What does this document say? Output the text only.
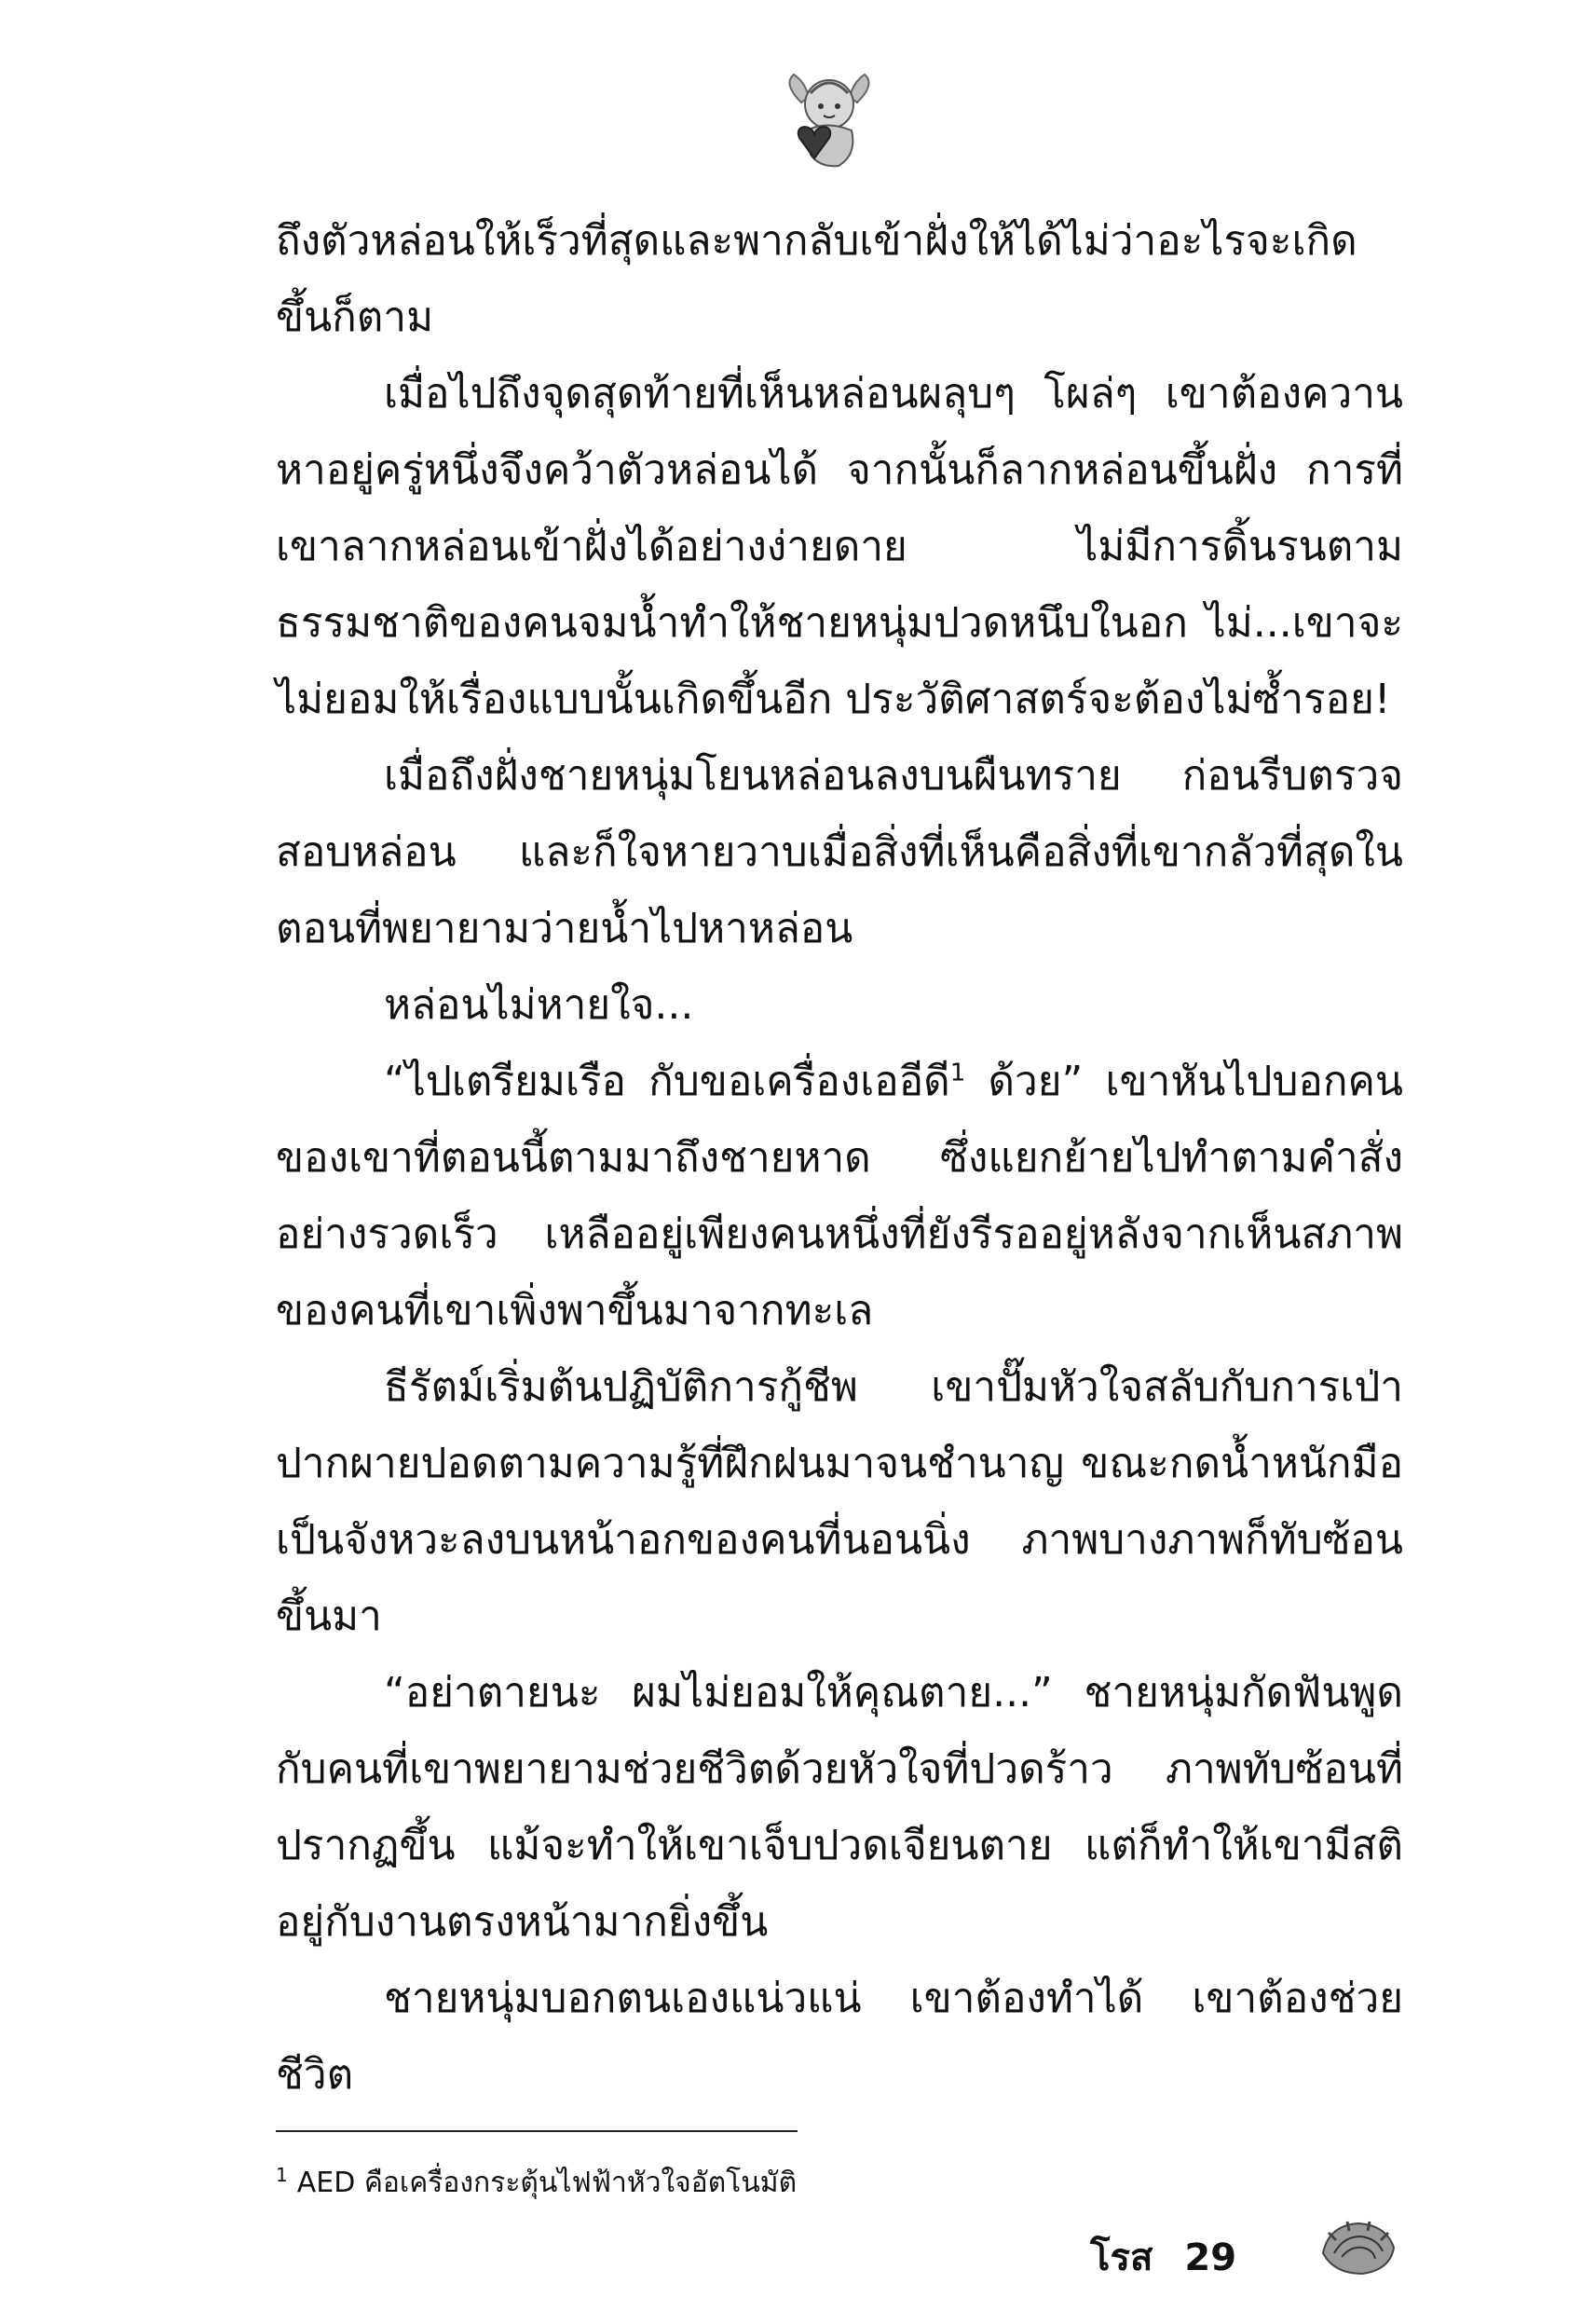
ถึงตัวหล่อนให้เร็วที่สุดและพากลับเข้าฝั่งให้ได้ไม่ว่าอะไรจะเกิดขึ้นก็ตาม

เมื่อไปถึงจุดสุดท้ายที่เห็นหล่อนผลุบๆ โผล่ๆ เขาต้องควานหาอยู่ครู่หนึ่งจึงคว้าตัวหล่อนได้ จากนั้นก็ลากหล่อนขึ้นฝั่ง การที่เขาลากหล่อนเข้าฝั่งได้อย่างง่ายดาย ไม่มีการดิ้นรนตามธรรมชาติของคนจมน้ำทำให้ชายหนุ่มปวดหนึบในอก ไม่...เขาจะไม่ยอมให้เรื่องแบบนั้นเกิดขึ้นอีก ประวัติศาสตร์จะต้องไม่ซ้ำรอย!

เมื่อถึงฝั่งชายหนุ่มโยนหล่อนลงบนผืนทราย ก่อนรีบตรวจสอบหล่อน และก็ใจหายวาบเมื่อสิ่งที่เห็นคือสิ่งที่เขากลัวที่สุดในตอนที่พยายามว่ายน้ำไปหาหล่อน

หล่อนไม่หายใจ...

“ไปเตรียมเรือ กับขอเครื่องเออีดี$^1$ ด้วย” เขาหันไปบอกคนของเขาที่ตอนนี้ตามมาถึงชายหาด ซึ่งแยกย้ายไปทำตามคำสั่งอย่างรวดเร็ว เหลืออยู่เพียงคนหนึ่งที่ยังรีรออยู่หลังจากเห็นสภาพของคนที่เขาเพิ่งพาขึ้นมาจากทะเล

ธีรัตม์เริ่มต้นปฏิบัติการกู้ชีพ เขาปั๊มหัวใจสลับกับการเป่าปากผายปอดตามความรู้ที่ฝึกฝนมาจนชำนาญ ขณะกดน้ำหนักมือเป็นจังหวะลงบนหน้าอกของคนที่นอนนิ่ง ภาพบางภาพก็ทับซ้อนขึ้นมา

“อย่าตายนะ ผมไม่ยอมให้คุณตาย...” ชายหนุ่มกัดฟันพูดกับคนที่เขาพยายามช่วยชีวิตด้วยหัวใจที่ปวดร้าว ภาพทับซ้อนที่ปรากฏขึ้น แม้จะทำให้เขาเจ็บปวดเจียนตาย แต่ก็ทำให้เขามีสติอยู่กับงานตรงหน้ามากยิ่งขึ้น

ชายหนุ่มบอกตนเองแน่วแน่ เขาต้องทำได้ เขาต้องช่วยชีวิต

$^1$ AED คือเครื่องกระตุ้นไฟฟ้าหัวใจอัตโนมัติ

โรส 29
